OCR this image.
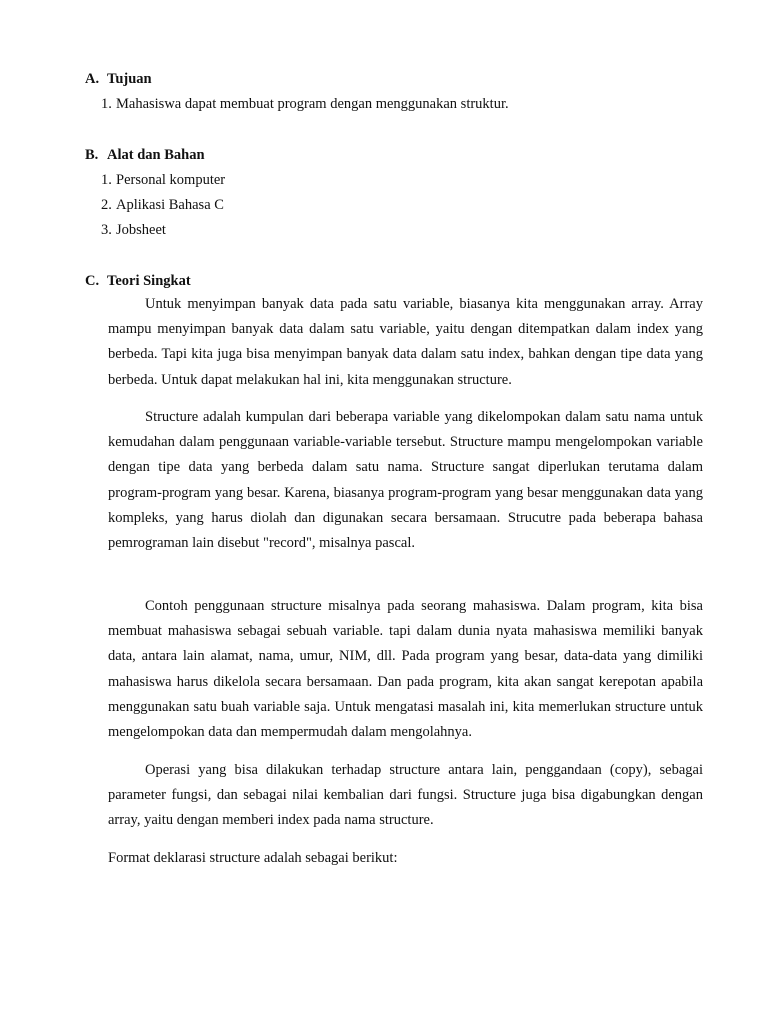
A. Tujuan
1. Mahasiswa dapat membuat program dengan menggunakan struktur.
B. Alat dan Bahan
1. Personal komputer
2. Aplikasi Bahasa C
3. Jobsheet
C. Teori Singkat

Untuk menyimpan banyak data pada satu variable, biasanya kita menggunakan array. Array mampu menyimpan banyak data dalam satu variable, yaitu dengan ditempatkan dalam index yang berbeda. Tapi kita juga bisa menyimpan banyak data dalam satu index, bahkan dengan tipe data yang berbeda. Untuk dapat melakukan hal ini, kita menggunakan structure.

Structure adalah kumpulan dari beberapa variable yang dikelompokan dalam satu nama untuk kemudahan dalam penggunaan variable-variable tersebut. Structure mampu mengelompokan variable dengan tipe data yang berbeda dalam satu nama. Structure sangat diperlukan terutama dalam program-program yang besar. Karena, biasanya program-program yang besar menggunakan data yang kompleks, yang harus diolah dan digunakan secara bersamaan. Strucutre pada beberapa bahasa pemrograman lain disebut "record", misalnya pascal.

Contoh penggunaan structure misalnya pada seorang mahasiswa. Dalam program, kita bisa membuat mahasiswa sebagai sebuah variable. tapi dalam dunia nyata mahasiswa memiliki banyak data, antara lain alamat, nama, umur, NIM, dll. Pada program yang besar, data-data yang dimiliki mahasiswa harus dikelola secara bersamaan. Dan pada program, kita akan sangat kerepotan apabila menggunakan satu buah variable saja. Untuk mengatasi masalah ini, kita memerlukan structure untuk mengelompokan data dan mempermudah dalam mengolahnya.

Operasi yang bisa dilakukan terhadap structure antara lain, penggandaan (copy), sebagai parameter fungsi, dan sebagai nilai kembalian dari fungsi. Structure juga bisa digabungkan dengan array, yaitu dengan memberi index pada nama structure.

Format deklarasi structure adalah sebagai berikut:
